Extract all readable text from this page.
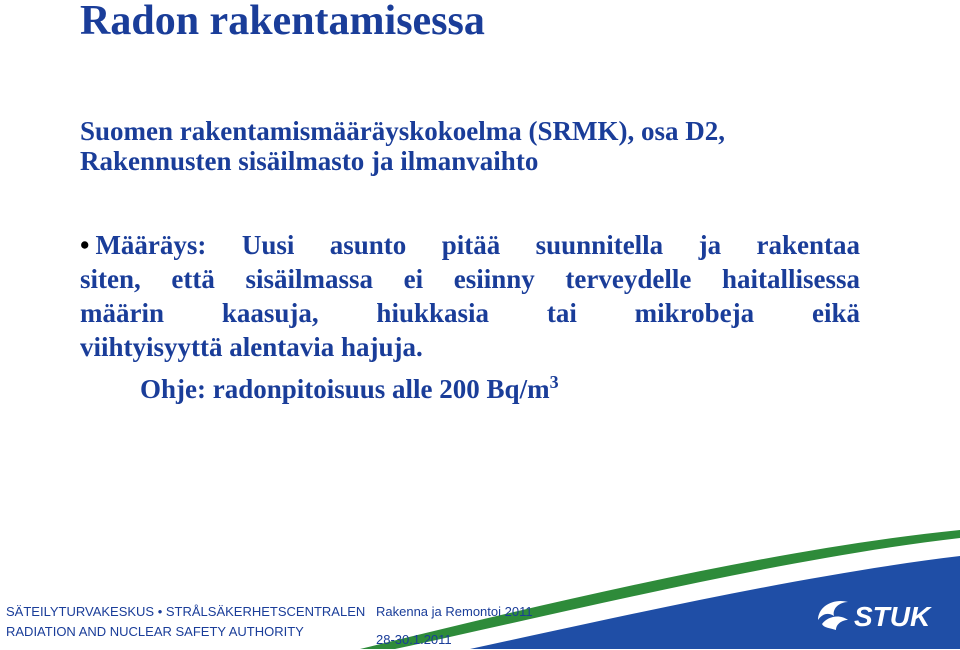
Radon rakentamisessa
Suomen rakentamismääräyskokoelma (SRMK), osa D2,
Rakennusten sisäilmasto ja ilmanvaihto
• Määräys: Uusi asunto pitää suunnitella ja rakentaa
siten, että sisäilmassa ei esiinny terveydelle haitallisessa
määrin kaasuja, hiukkasia tai mikrobeja eikä
viihtyisyyttä alentavia hajuja.
Ohje: radonpitoisuus alle 200 $Bq/m^3$
SÄTEILYTURVAKESKUS • STRÅLSÄKERHETSCENTRALEN
RADIATION AND NUCLEAR SAFETY AUTHORITY
Rakenna ja Remontoi 2011
28-30.1.2011
STUK
